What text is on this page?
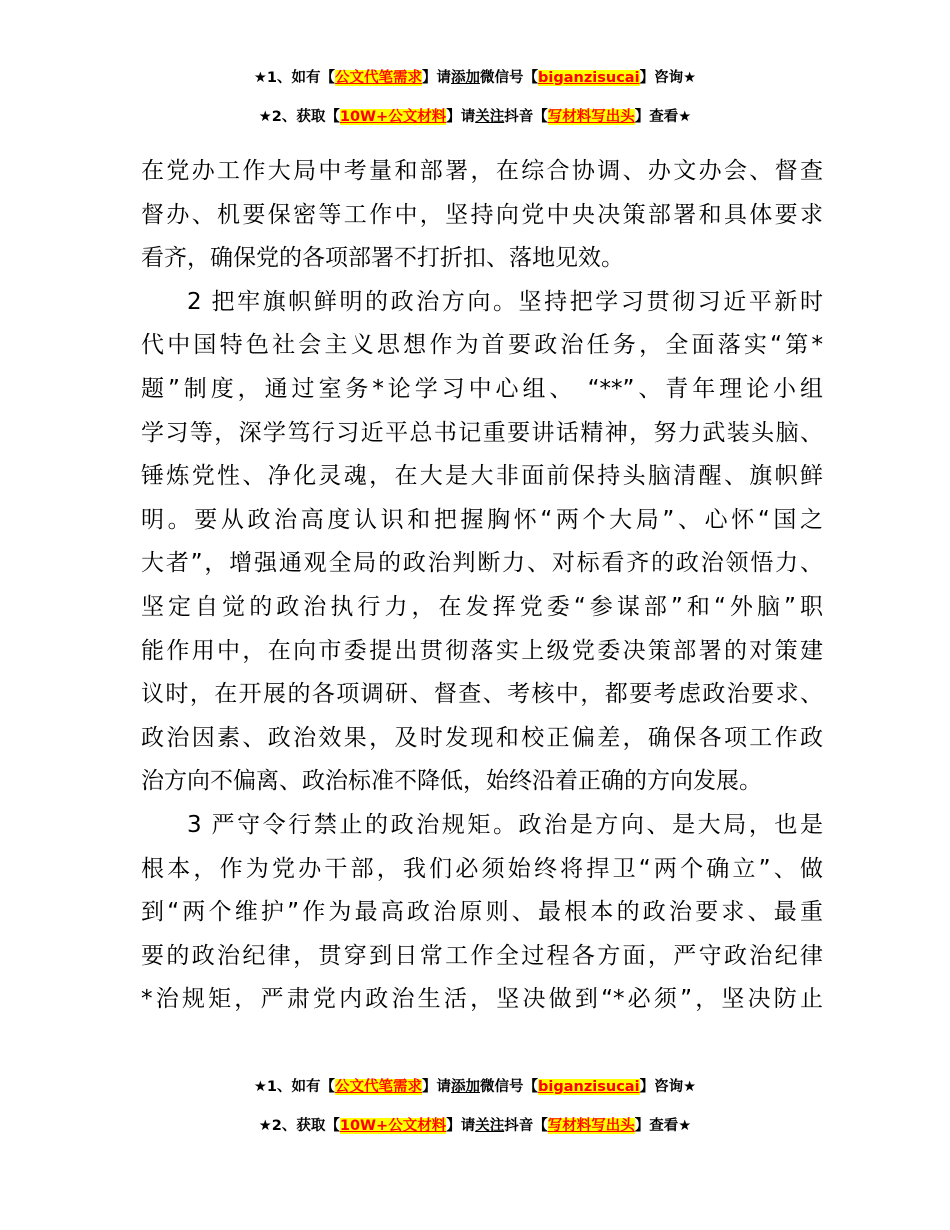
★1、如有【公文代笔需求】请添加微信号【biganzisucai】咨询★
★2、获取【10W+公文材料】请关注抖音【写材料写出头】查看★
在党办工作大局中考量和部署，在综合协调、办文办会、督查
督办、机要保密等工作中，坚持向党中央决策部署和具体要求
看齐，确保党的各项部署不打折扣、落地见效。
2 把牢旗帜鲜明的政治方向。坚持把学习贯彻习近平新时
代中国特色社会主义思想作为首要政治任务，全面落实“第*
题”制度，通过室务*论学习中心组、 “**”、青年理论小组
学习等，深学笃行习近平总书记重要讲话精神，努力武装头脑、
锤炼党性、净化灵魂，在大是大非面前保持头脑清醒、旗帜鲜
明。要从政治高度认识和把握胸怀“两个大局”、心怀“国之
大者”，增强通观全局的政治判断力、对标看齐的政治领悟力、
坚定自觉的政治执行力，在发挥党委“参谋部”和“外脑”职
能作用中，在向市委提出贯彻落实上级党委决策部署的对策建
议时，在开展的各项调研、督查、考核中，都要考虑政治要求、
政治因素、政治效果，及时发现和校正偏差，确保各项工作政
治方向不偏离、政治标准不降低，始终沿着正确的方向发展。
3 严守令行禁止的政治规矩。政治是方向、是大局，也是
根本，作为党办干部，我们必须始终将捍卫“两个确立”、做
到“两个维护”作为最高政治原则、最根本的政治要求、最重
要的政治纪律，贯穿到日常工作全过程各方面，严守政治纪律
*治规矩，严肃党内政治生活，坚决做到“*必须”，坚决防止
★1、如有【公文代笔需求】请添加微信号【biganzisucai】咨询★
★2、获取【10W+公文材料】请关注抖音【写材料写出头】查看★
